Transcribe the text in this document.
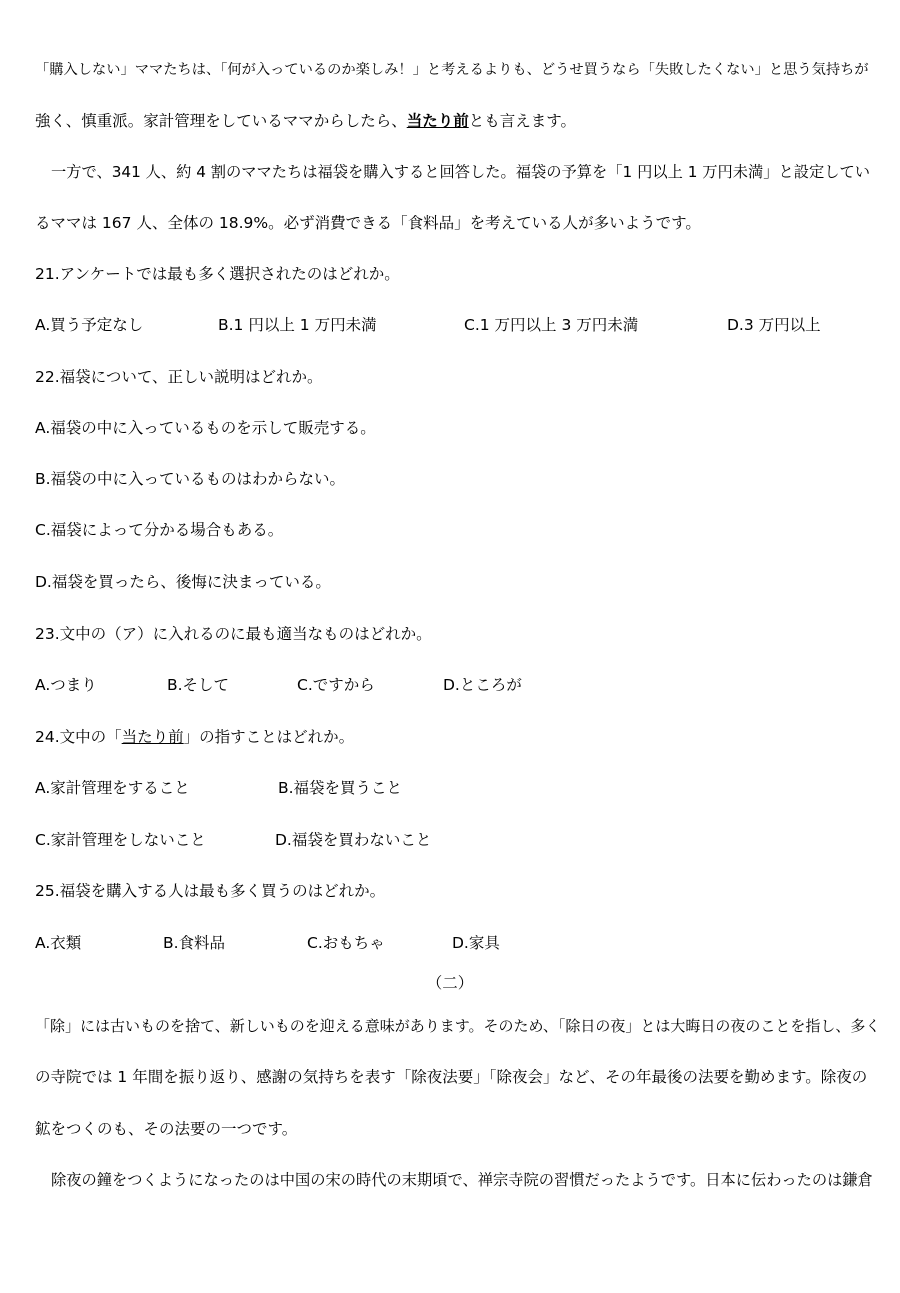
「購入しない」ママたちは、「何が入っているのか楽しみ！」と考えるよりも、どうせ買うなら「失敗したくない」と思う気持ちが
強く、慎重派。家計管理をしているママからしたら、当たり前とも言えます。
一方で、341 人、約 4 割のママたちは福袋を購入すると回答した。福袋の予算を「1 円以上 1 万円未満」と設定してい
るママは 167 人、全体の 18.9%。必ず消費できる「食料品」を考えている人が多いようです。
21.アンケートでは最も多く選択されたのはどれか。
A.買う予定なし	B.1 円以上 1 万円未満	C.1 万円以上 3 万円未満	D.3 万円以上
22.福袋について、正しい説明はどれか。
A.福袋の中に入っているものを示して販売する。
B.福袋の中に入っているものはわからない。
C.福袋によって分かる場合もある。
D.福袋を買ったら、後悔に決まっている。
23.文中の（ア）に入れるのに最も適当なものはどれか。
A.つまり	B.そして	C.ですから	D.ところが
24.文中の「当たり前」の指すことはどれか。
A.家計管理をすること	B.福袋を買うこと
C.家計管理をしないこと	D.福袋を買わないこと
25.福袋を購入する人は最も多く買うのはどれか。
A.衣類	B.食料品	C.おもちゃ	D.家具
（二）
「除」には古いものを捨て、新しいものを迎える意味があります。そのため、「除日の夜」とは大晦日の夜のことを指し、多く
の寺院では 1 年間を振り返り、感謝の気持ちを表す「除夜法要」「除夜会」など、その年最後の法要を勤めます。除夜の
鉱をつくのも、その法要の一つです。
除夜の鐘をつくようになったのは中国の宋の時代の末期頃で、禅宗寺院の習慣だったようです。日本に伝わったのは鎌倉
